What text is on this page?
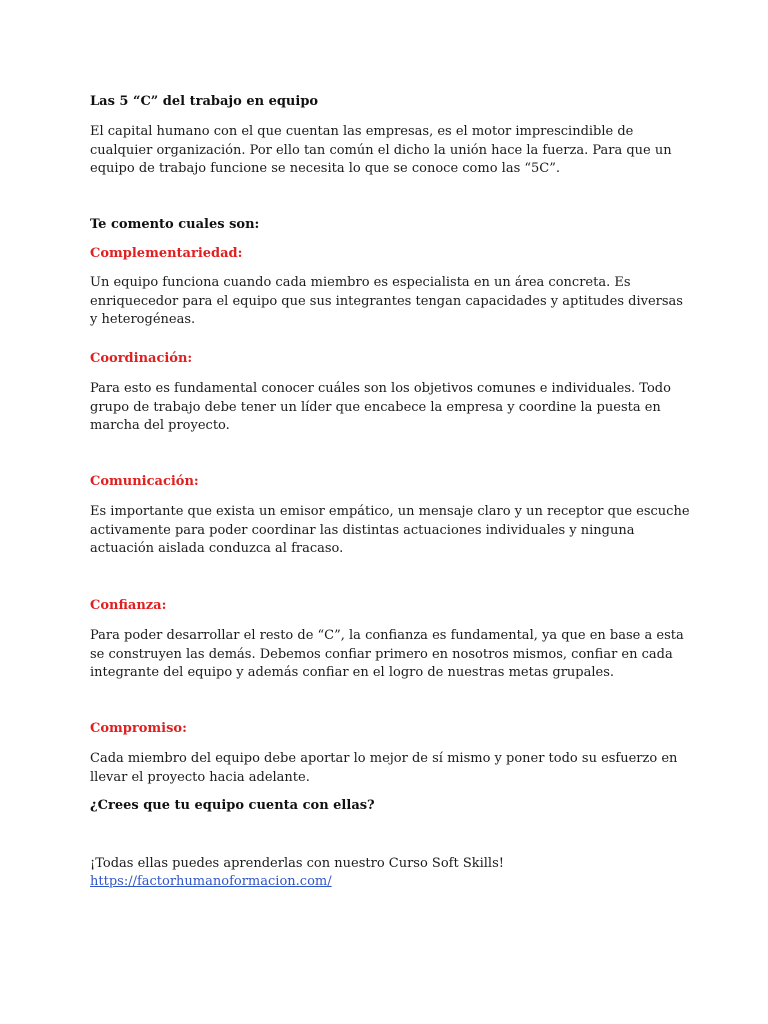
Las 5 “C” del trabajo en equipo
El capital humano con el que cuentan las empresas, es el motor imprescindible de cualquier organización. Por ello tan común el dicho la unión hace la fuerza. Para que un equipo de trabajo funcione se necesita lo que se conoce como las “5C”.
Te comento cuales son:
Complementariedad:
Un equipo funciona cuando cada miembro es especialista en un área concreta. Es enriquecedor para el equipo que sus integrantes tengan capacidades y aptitudes diversas y heterogéneas.
Coordinación:
Para esto es fundamental conocer cuáles son los objetivos comunes e individuales. Todo grupo de trabajo debe tener un líder que encabece la empresa y coordine la puesta en marcha del proyecto.
Comunicación:
Es importante que exista un emisor empático, un mensaje claro y un receptor que escuche activamente para poder coordinar las distintas actuaciones individuales y ninguna actuación aislada conduzca al fracaso.
Confianza:
Para poder desarrollar el resto de “C”, la confianza es fundamental, ya que en base a esta se construyen las demás. Debemos confiar primero en nosotros mismos, confiar en cada integrante del equipo y además confiar en el logro de nuestras metas grupales.
Compromiso:
Cada miembro del equipo debe aportar lo mejor de sí mismo y poner todo su esfuerzo en llevar el proyecto hacia adelante.
¿Crees que tu equipo cuenta con ellas?
¡Todas ellas puedes aprenderlas con nuestro Curso Soft Skills!
https://factorhumanoformacion.com/
